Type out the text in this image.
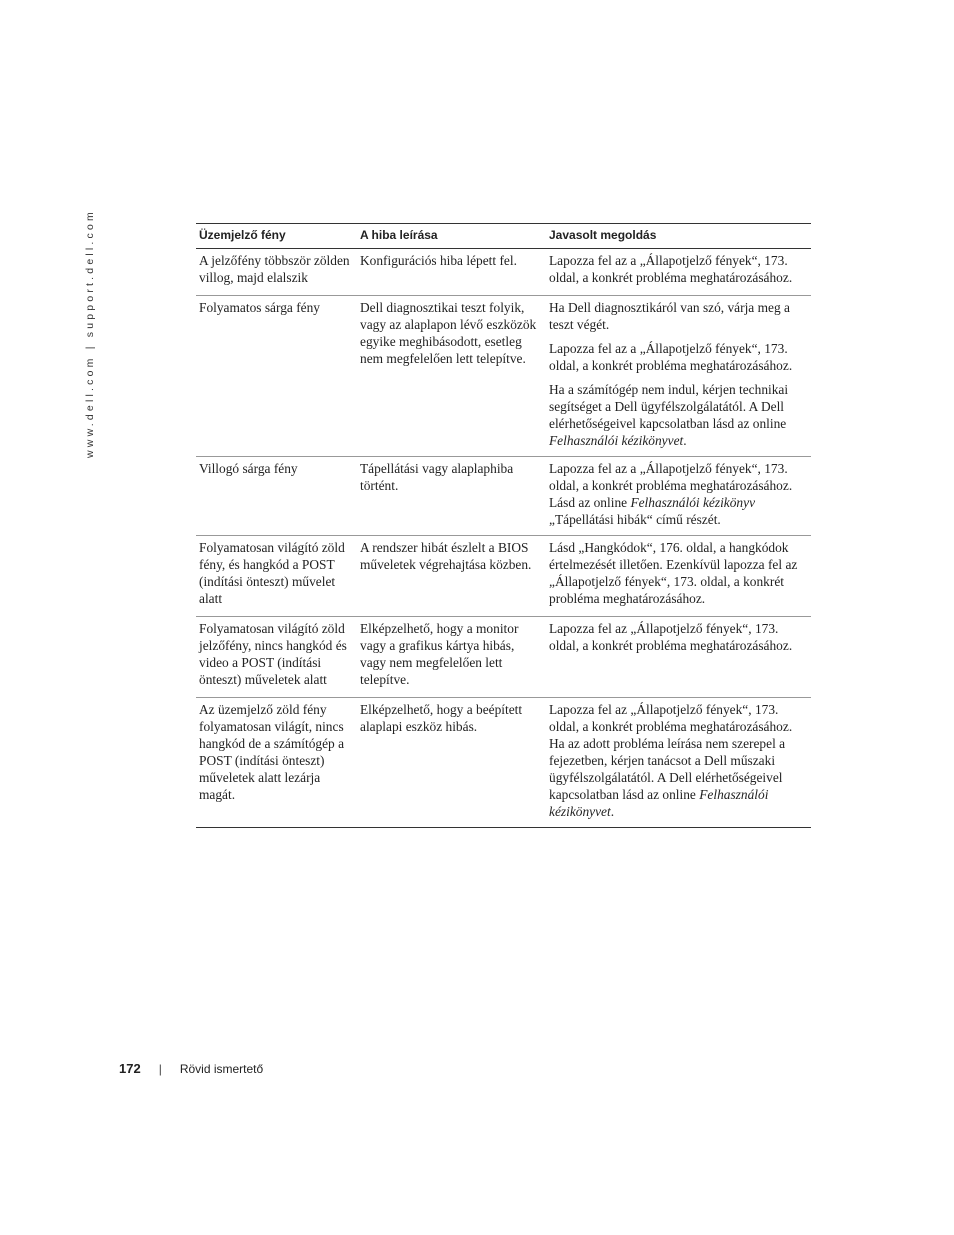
www.dell.com | support.dell.com	Üzemjelző fény	A hiba leírása	Javasolt megoldás
A jelzőfény többször zölden villog, majd elalszik	Konfigurációs hiba lépett fel.	Lapozza fel az a „Állapotjelző fények“, 173. oldal, a konkrét probléma meghatározásához.

Folyamatos sárga fény	Dell diagnosztikai teszt folyik, vagy az alaplapon lévő eszközök egyike meghibásodott, esetleg nem megfelelően lett telepítve.	Ha Dell diagnosztikáról van szó, várja meg a teszt végét.

Lapozza fel az a „Állapotjelző fények“, 173. oldal, a konkrét probléma meghatározásához.

Ha a számítógép nem indul, kérjen technikai segítséget a Dell ügyfélszolgálatától. A Dell elérhetőségeivel kapcsolatban lásd az online Felhasználói kézikönyvet.

Villogó sárga fény	Tápellátási vagy alaplaphiba történt.	Lapozza fel az a „Állapotjelző fények“, 173. oldal, a konkrét probléma meghatározásához. Lásd az online Felhasználói kézikönyv „Tápellátási hibák“ című részét.

Folyamatosan világító zöld fény, és hangkód a POST (indítási önteszt) művelet alatt	A rendszer hibát észlelt a BIOS műveletek végrehajtása közben.	Lásd „Hangkódok“, 176. oldal, a hangkódok értelmezését illetően. Ezenkívül lapozza fel az „Állapotjelző fények“, 173. oldal, a konkrét probléma meghatározásához.

Folyamatosan világító zöld jelzőfény, nincs hangkód és video a POST (indítási önteszt) műveletek alatt	Elképzelhető, hogy a monitor vagy a grafikus kártya hibás, vagy nem megfelelően lett telepítve.	Lapozza fel az „Állapotjelző fények“, 173. oldal, a konkrét probléma meghatározásához.

Az üzemjelző zöld fény folyamatosan világít, nincs hangkód de a számítógép a POST (indítási önteszt) műveletek alatt lezárja magát.	Elképzelhető, hogy a beépített alaplapi eszköz hibás.	Lapozza fel az „Állapotjelző fények“, 173. oldal, a konkrét probléma meghatározásához. Ha az adott probléma leírása nem szerepel a fejezetben, kérjen tanácsot a Dell műszaki ügyfélszolgálatától. A Dell elérhetőségeivel kapcsolatban lásd az online Felhasználói kézikönyvet.

172 | Rövid ismertető
